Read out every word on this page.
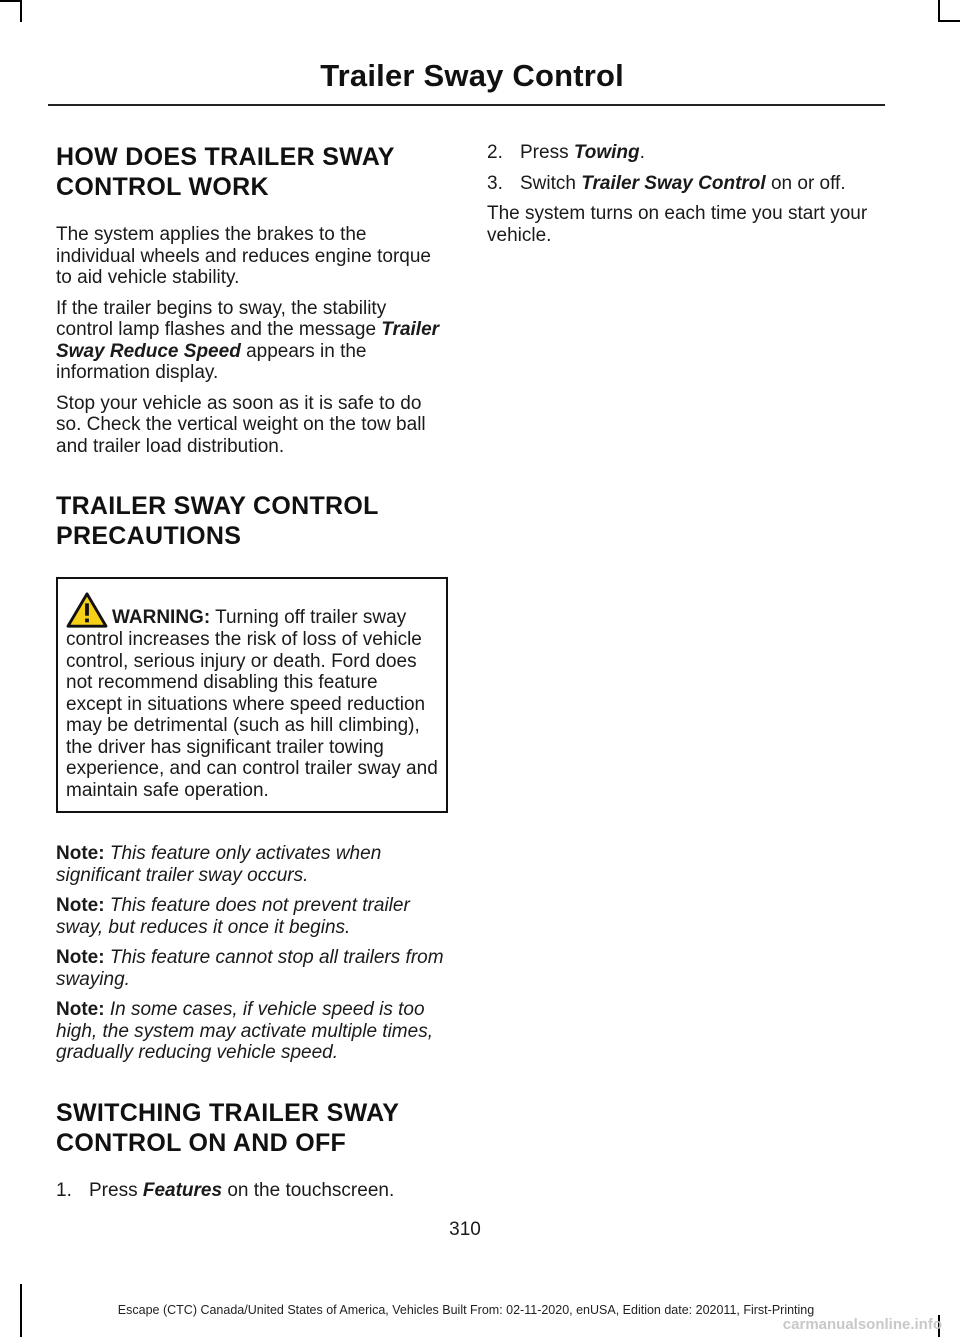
Trailer Sway Control
HOW DOES TRAILER SWAY
CONTROL WORK

The system applies the brakes to the individual wheels and reduces engine torque to aid vehicle stability.

If the trailer begins to sway, the stability control lamp flashes and the message Trailer Sway Reduce Speed appears in the information display.

Stop your vehicle as soon as it is safe to do so. Check the vertical weight on the tow ball and trailer load distribution.

TRAILER SWAY CONTROL
PRECAUTIONS
WARNING: Turning off trailer sway control increases the risk of loss of vehicle control, serious injury or death. Ford does not recommend disabling this feature except in situations where speed reduction may be detrimental (such as hill climbing), the driver has significant trailer towing experience, and can control trailer sway and maintain safe operation.

Note: This feature only activates when significant trailer sway occurs.

Note: This feature does not prevent trailer sway, but reduces it once it begins.

Note: This feature cannot stop all trailers from swaying.

Note: In some cases, if vehicle speed is too high, the system may activate multiple times, gradually reducing vehicle speed.

SWITCHING TRAILER SWAY
CONTROL ON AND OFF
1. Press Features on the touchscreen.
2. Press Towing.
3. Switch Trailer Sway Control on or off.

The system turns on each time you start your vehicle.

310
Escape (CTC) Canada/United States of America, Vehicles Built From: 02-11-2020, enUSA, Edition date: 202011, First-Printing
carmanualsonline.info
